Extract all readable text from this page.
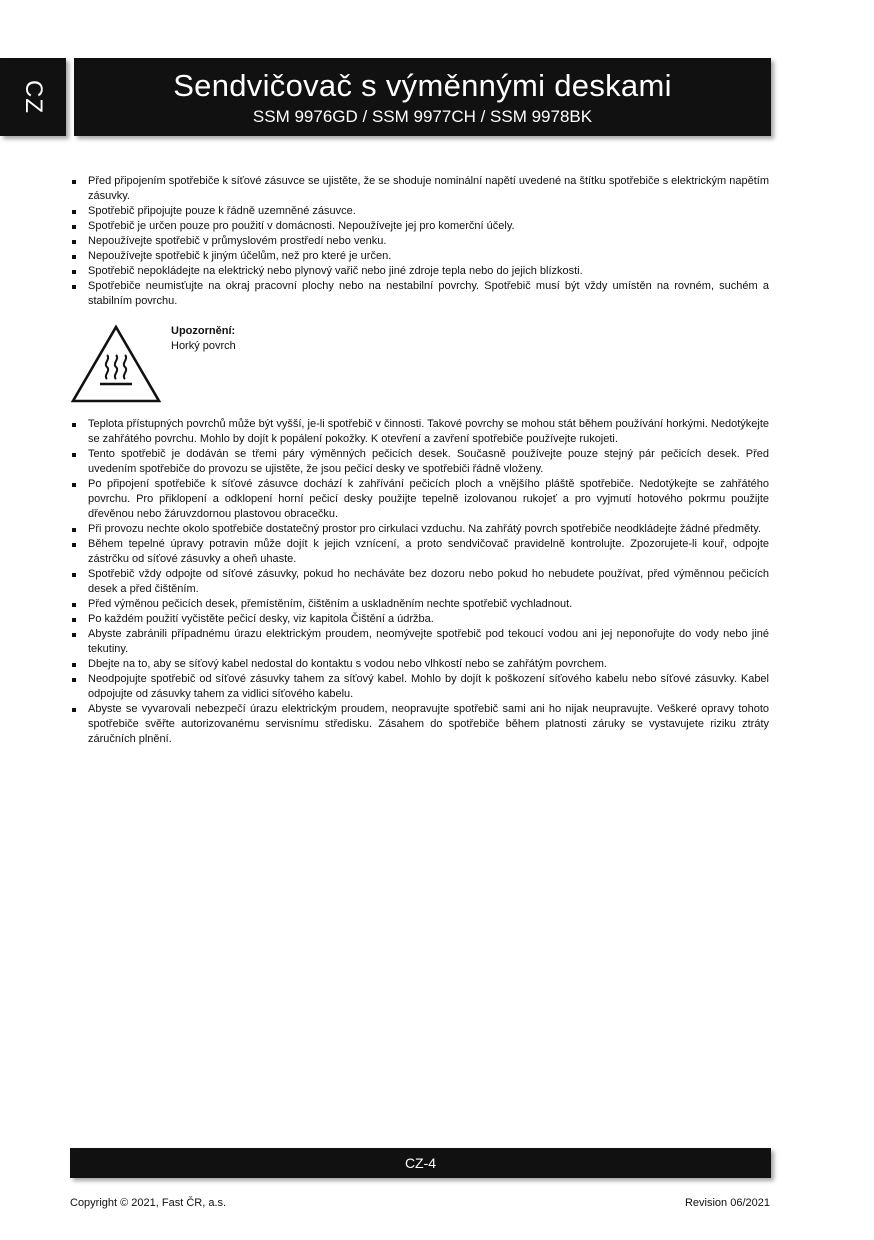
CZ	Sendvičovač s výměnnými deskami
SSM 9976GD / SSM 9977CH / SSM 9978BK
Před připojením spotřebiče k síťové zásuvce se ujistěte, že se shoduje nominální napětí uvedené na štítku spotřebiče s elektrickým napětím zásuvky.
Spotřebič připojujte pouze k řádně uzemněné zásuvce.
Spotřebič je určen pouze pro použití v domácnosti. Nepoužívejte jej pro komerční účely.
Nepoužívejte spotřebič v průmyslovém prostředí nebo venku.
Nepoužívejte spotřebič k jiným účelům, než pro které je určen.
Spotřebič nepokládejte na elektrický nebo plynový vařič nebo jiné zdroje tepla nebo do jejich blízkosti.
Spotřebiče neumisťujte na okraj pracovní plochy nebo na nestabilní povrchy. Spotřebič musí být vždy umístěn na rovném, suchém a stabilním povrchu.
Upozornění:
Horký povrch
Teplota přístupných povrchů může být vyšší, je-li spotřebič v činnosti. Takové povrchy se mohou stát během používání horkými. Nedotýkejte se zahřátého povrchu. Mohlo by dojít k popálení pokožky. K otevření a zavření spotřebiče používejte rukojeti.
Tento spotřebič je dodáván se třemi páry výměnných pečicích desek. Současně používejte pouze stejný pár pečicích desek. Před uvedením spotřebiče do provozu se ujistěte, že jsou pečicí desky ve spotřebiči řádně vloženy.
Po připojení spotřebiče k síťové zásuvce dochází k zahřívání pečicích ploch a vnějšího pláště spotřebiče. Nedotýkejte se zahřátého povrchu. Pro přiklopení a odklopení horní pečicí desky použijte tepelně izolovanou rukojeť a pro vyjmutí hotového pokrmu použijte dřevěnou nebo žáruvzdornou plastovou obracečku.
Při provozu nechte okolo spotřebiče dostatečný prostor pro cirkulaci vzduchu. Na zahřátý povrch spotřebiče neodkládejte žádné předměty.
Během tepelné úpravy potravin může dojít k jejich vznícení, a proto sendvičovač pravidelně kontrolujte. Zpozorujete-li kouř, odpojte zástrčku od síťové zásuvky a oheň uhaste.
Spotřebič vždy odpojte od síťové zásuvky, pokud ho necháváte bez dozoru nebo pokud ho nebudete používat, před výměnnou pečicích desek a před čištěním.
Před výměnou pečicích desek, přemístěním, čištěním a uskladněním nechte spotřebič vychladnout.
Po každém použití vyčistěte pečicí desky, viz kapitola Čištění a údržba.
Abyste zabránili případnému úrazu elektrickým proudem, neomývejte spotřebič pod tekoucí vodou ani jej neponořujte do vody nebo jiné tekutiny.
Dbejte na to, aby se síťový kabel nedostal do kontaktu s vodou nebo vlhkostí nebo se zahřátým povrchem.
Neodpojujte spotřebič od síťové zásuvky tahem za síťový kabel. Mohlo by dojít k poškození síťového kabelu nebo síťové zásuvky. Kabel odpojujte od zásuvky tahem za vidlici síťového kabelu.
Abyste se vyvarovali nebezpečí úrazu elektrickým proudem, neopravujte spotřebič sami ani ho nijak neupravujte. Veškeré opravy tohoto spotřebiče svěřte autorizovanému servisnímu středisku. Zásahem do spotřebiče během platnosti záruky se vystavujete riziku ztráty záručních plnění.
CZ-4
Copyright © 2021, Fast ČR, a.s.	Revision 06/2021
